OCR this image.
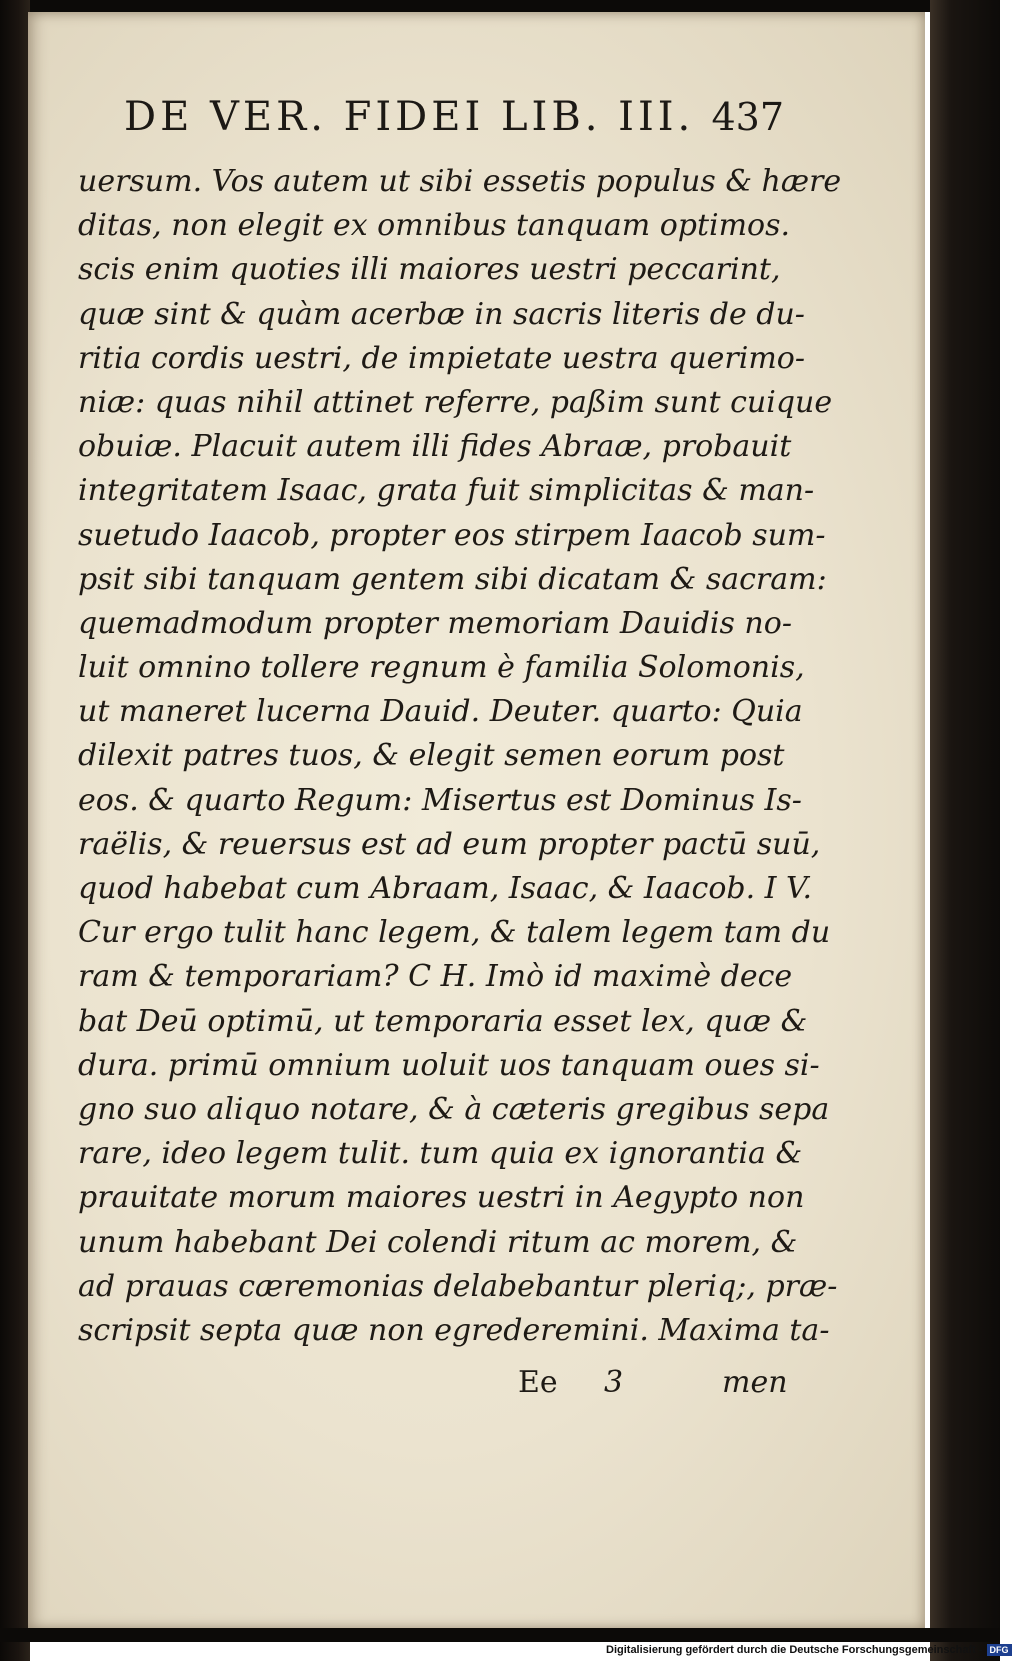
DE VER. FIDEI LIB. III. 437
uersum. Vos autem ut sibi essetis populus & hære
ditas, non elegit ex omnibus tanquam optimos.
scis enim quoties illi maiores uestri peccarint,
quæ sint & quàm acerbæ in sacris literis de du-
ritia cordis uestri, de impietate uestra querimo-
niæ: quas nihil attinet referre, paßim sunt cuique
obuiæ. Placuit autem illi fides Abraæ, probauit
integritatem Isaac, grata fuit simplicitas & man-
suetudo Iaacob, propter eos stirpem Iaacob sum-
psit sibi tanquam gentem sibi dicatam & sacram:
quemadmodum propter memoriam Dauidis no-
luit omnino tollere regnum è familia Solomonis,
ut maneret lucerna Dauid. Deuter. quarto: Quia
dilexit patres tuos, & elegit semen eorum post
eos. & quarto Regum: Misertus est Dominus Is-
raëlis, & reuersus est ad eum propter pactū suū,
quod habebat cum Abraam, Isaac, & Iaacob. I V.
Cur ergo tulit hanc legem, & talem legem tam du
ram & temporariam? C H. Imò id maximè dece
bat Deū optimū, ut temporaria esset lex, quæ &
dura. primū omnium uoluit uos tanquam oues si-
gno suo aliquo notare, & à cæteris gregibus sepa
rare, ideo legem tulit. tum quia ex ignorantia &
prauitate morum maiores uestri in Aegypto non
unum habebant Dei colendi ritum ac morem, &
ad prauas cæremonias delabebantur pleriq;, præ-
scripsit septa quæ non egrederemini. Maxima ta-
Ee 3	men
Digitalisierung gefördert durch die Deutsche Forschungsgemeinschaft - DFG
